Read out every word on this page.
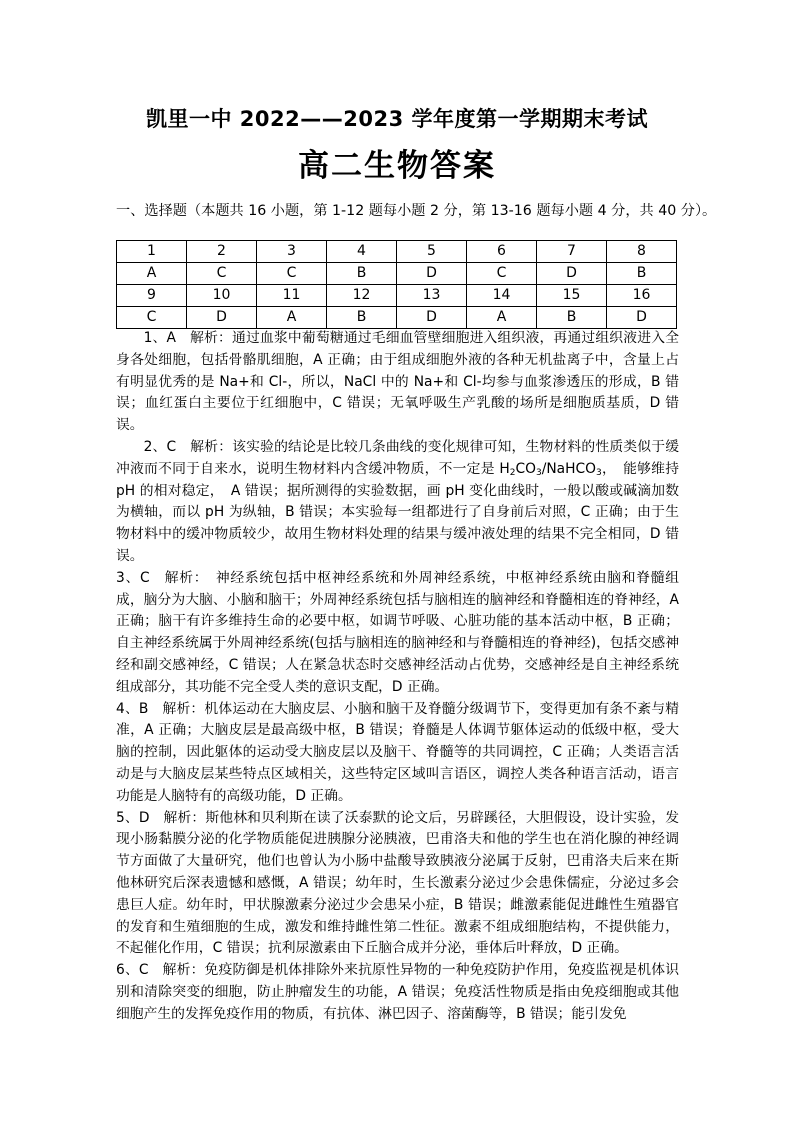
凯里一中 2022——2023 学年度第一学期期末考试
高二生物答案
一、选择题（本题共 16 小题，第 1-12 题每小题 2 分，第 13-16 题每小题 4 分，共 40 分）。
1	2	3	4	5	6	7	8
A	C	C	B	D	C	D	B
9	10	11	12	13	14	15	16
C	D	A	B	D	A	B	D

1、A　解析：通过血浆中葡萄糖通过毛细血管壁细胞进入组织液，再通过组织液进入全身各处细胞，包括骨骼肌细胞，A 正确；由于组成细胞外液的各种无机盐离子中，含量上占有明显优秀的是 Na+和 Cl-，所以，NaCl 中的 Na+和 Cl-均参与血浆渗透压的形成，B 错误；血红蛋白主要位于红细胞中，C 错误；无氧呼吸生产乳酸的场所是细胞质基质，D 错误。

2、C　解析：该实验的结论是比较几条曲线的变化规律可知，生物材料的性质类似于缓冲液而不同于自来水，说明生物材料内含缓冲物质，不一定是 $H_2CO_3/NaHCO_3$，　能够维持 pH 的相对稳定，　A 错误；据所测得的实验数据，画 pH 变化曲线时，一般以酸或碱滴加数为横轴，而以 pH 为纵轴，B 错误；本实验每一组都进行了自身前后对照，C 正确；由于生物材料中的缓冲物质较少，故用生物材料处理的结果与缓冲液处理的结果不完全相同，D 错误。

3、C　解析：　神经系统包括中枢神经系统和外周神经系统，中枢神经系统由脑和脊髓组成，脑分为大脑、小脑和脑干；外周神经系统包括与脑相连的脑神经和脊髓相连的脊神经，A 正确；脑干有许多维持生命的必要中枢，如调节呼吸、心脏功能的基本活动中枢，B 正确；自主神经系统属于外周神经系统(包括与脑相连的脑神经和与脊髓相连的脊神经)，包括交感神经和副交感神经，C 错误；人在紧急状态时交感神经活动占优势，交感神经是自主神经系统组成部分，其功能不完全受人类的意识支配，D 正确。

4、B　解析：机体运动在大脑皮层、小脑和脑干及脊髓分级调节下，变得更加有条不紊与精准，A 正确；大脑皮层是最高级中枢，B 错误；脊髓是人体调节躯体运动的低级中枢，受大脑的控制，因此躯体的运动受大脑皮层以及脑干、脊髓等的共同调控，C 正确；人类语言活动是与大脑皮层某些特点区域相关，这些特定区域叫言语区，调控人类各种语言活动，语言功能是人脑特有的高级功能，D 正确。

5、D　解析：斯他林和贝利斯在读了沃泰默的论文后，另辟蹊径，大胆假设，设计实验，发现小肠黏膜分泌的化学物质能促进胰腺分泌胰液，巴甫洛夫和他的学生也在消化腺的神经调节方面做了大量研究，他们也曾认为小肠中盐酸导致胰液分泌属于反射，巴甫洛夫后来在斯他林研究后深表遗憾和感慨，A 错误；幼年时，生长激素分泌过少会患侏儒症，分泌过多会患巨人症。幼年时，甲状腺激素分泌过少会患呆小症，B 错误；雌激素能促进雌性生殖器官的发育和生殖细胞的生成，激发和维持雌性第二性征。激素不组成细胞结构，不提供能力，不起催化作用，C 错误；抗利尿激素由下丘脑合成并分泌，垂体后叶释放，D 正确。

6、C　解析：免疫防御是机体排除外来抗原性异物的一种免疫防护作用，免疫监视是机体识别和清除突变的细胞，防止肿瘤发生的功能，A 错误；免疫活性物质是指由免疫细胞或其他细胞产生的发挥免疫作用的物质，有抗体、淋巴因子、溶菌酶等，B 错误；能引发免
